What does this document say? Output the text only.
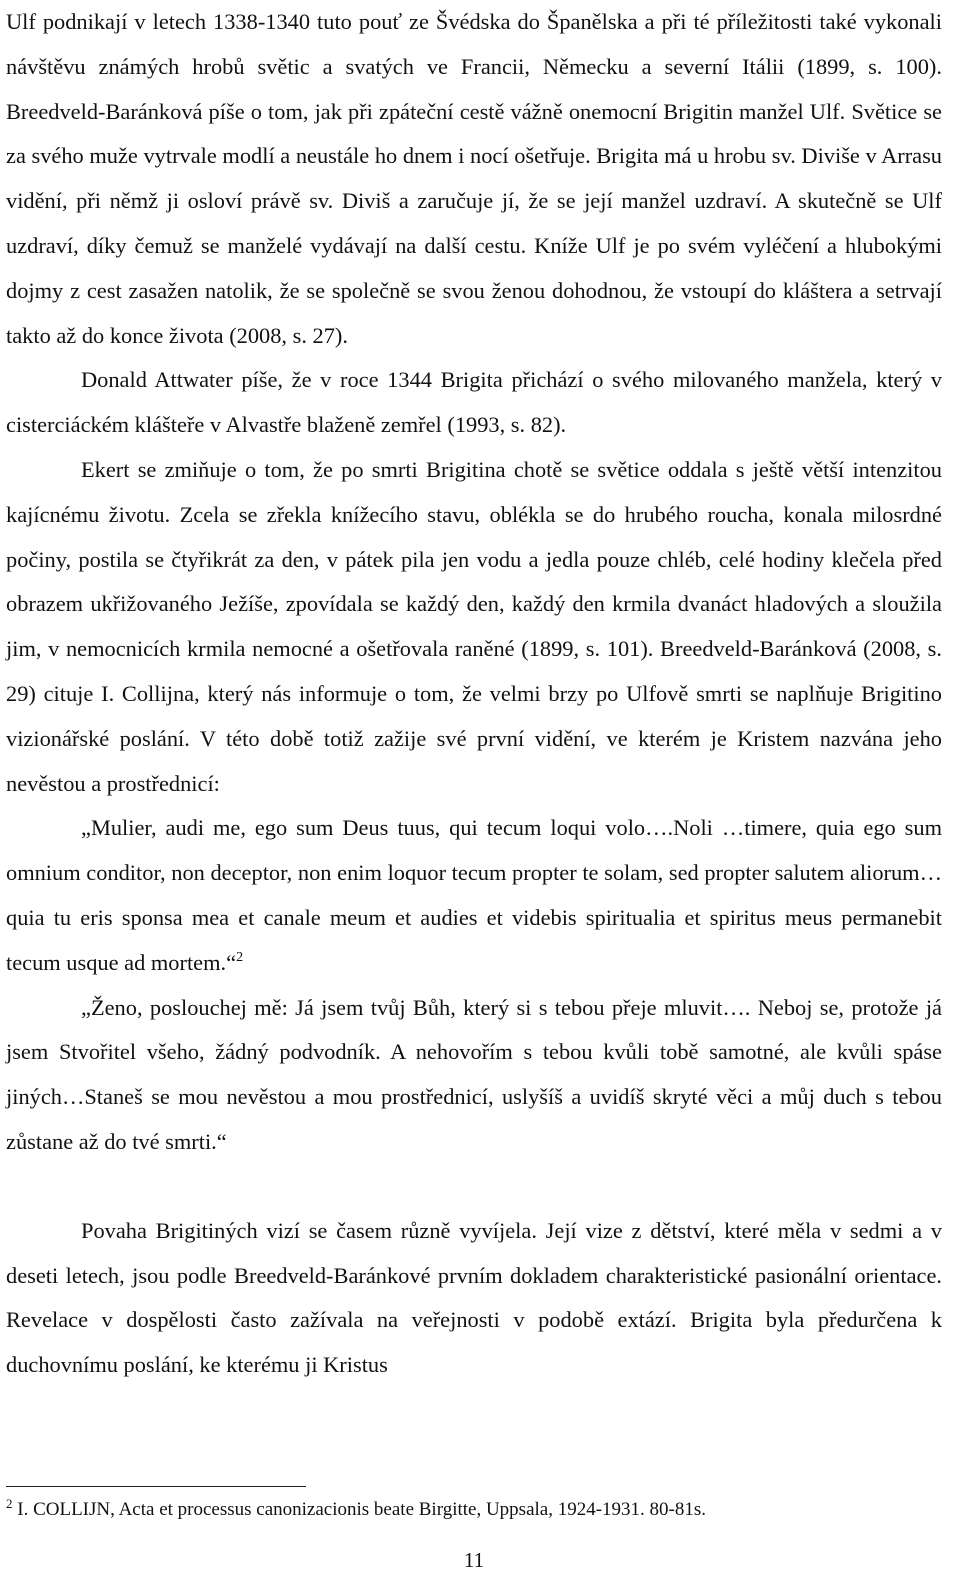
Ulf podnikají v letech 1338-1340 tuto pouť ze Švédska do Španělska a při té příležitosti také vykonali návštěvu známých hrobů světic a svatých ve Francii, Německu a severní Itálii (1899, s. 100). Breedveld-Baránková píše o tom, jak při zpáteční cestě vážně onemocní Brigitin manžel Ulf. Světice se za svého muže vytrvale modlí a neustále ho dnem i nocí ošetřuje. Brigita má u hrobu sv. Diviše v Arrasu vidění, při němž ji osloví právě sv. Diviš a zaručuje jí, že se její manžel uzdraví. A skutečně se Ulf uzdraví, díky čemuž se manželé vydávají na další cestu. Kníže Ulf je po svém vyléčení a hlubokými dojmy z cest zasažen natolik, že se společně se svou ženou dohodnou, že vstoupí do kláštera a setrvají takto až do konce života (2008, s. 27).

Donald Attwater píše, že v roce 1344 Brigita přichází o svého milovaného manžela, který v cisterciáckém klášteře v Alvastře blaženě zemřel (1993, s. 82).

Ekert se zmiňuje o tom, že po smrti Brigitina chotě se světice oddala s ještě větší intenzitou kajícnému životu. Zcela se zřekla knížecího stavu, oblékla se do hrubého roucha, konala milosrdné počiny, postila se čtyřikrát za den, v pátek pila jen vodu a jedla pouze chléb, celé hodiny klečela před obrazem ukřižovaného Ježíše, zpovídala se každý den, každý den krmila dvanáct hladových a sloužila jim, v nemocnicích krmila nemocné a ošetřovala raněné (1899, s. 101). Breedveld-Baránková (2008, s. 29) cituje I. Collijna, který nás informuje o tom, že velmi brzy po Ulfově smrti se naplňuje Brigitino vizionářské poslání. V této době totiž zažije své první vidění, ve kterém je Kristem nazvána jeho nevěstou a prostřednicí:

„Mulier, audi me, ego sum Deus tuus, qui tecum loqui volo….Noli …timere, quia ego sum omnium conditor, non deceptor, non enim loquor tecum propter te solam, sed propter salutem aliorum…quia tu eris sponsa mea et canale meum et audies et videbis spiritualia et spiritus meus permanebit tecum usque ad mortem.“$^2$

„Ženo, poslouchej mě: Já jsem tvůj Bůh, který si s tebou přeje mluvit…. Neboj se, protože já jsem Stvořitel všeho, žádný podvodník. A nehovořím s tebou kvůli tobě samotné, ale kvůli spáse jiných…Staneš se mou nevěstou a mou prostřednicí, uslyšíš a uvidíš skryté věci a můj duch s tebou zůstane až do tvé smrti.“

Povaha Brigitiných vizí se časem různě vyvíjela. Její vize z dětství, které měla v sedmi a v deseti letech, jsou podle Breedveld-Baránkové prvním dokladem charakteristické pasionální orientace. Revelace v dospělosti často zažívala na veřejnosti v podobě extází. Brigita byla předurčena k duchovnímu poslání, ke kterému ji Kristus

$^2$ I. COLLIJN, Acta et processus canonizacionis beate Birgitte, Uppsala, 1924-1931. 80-81s.
11
